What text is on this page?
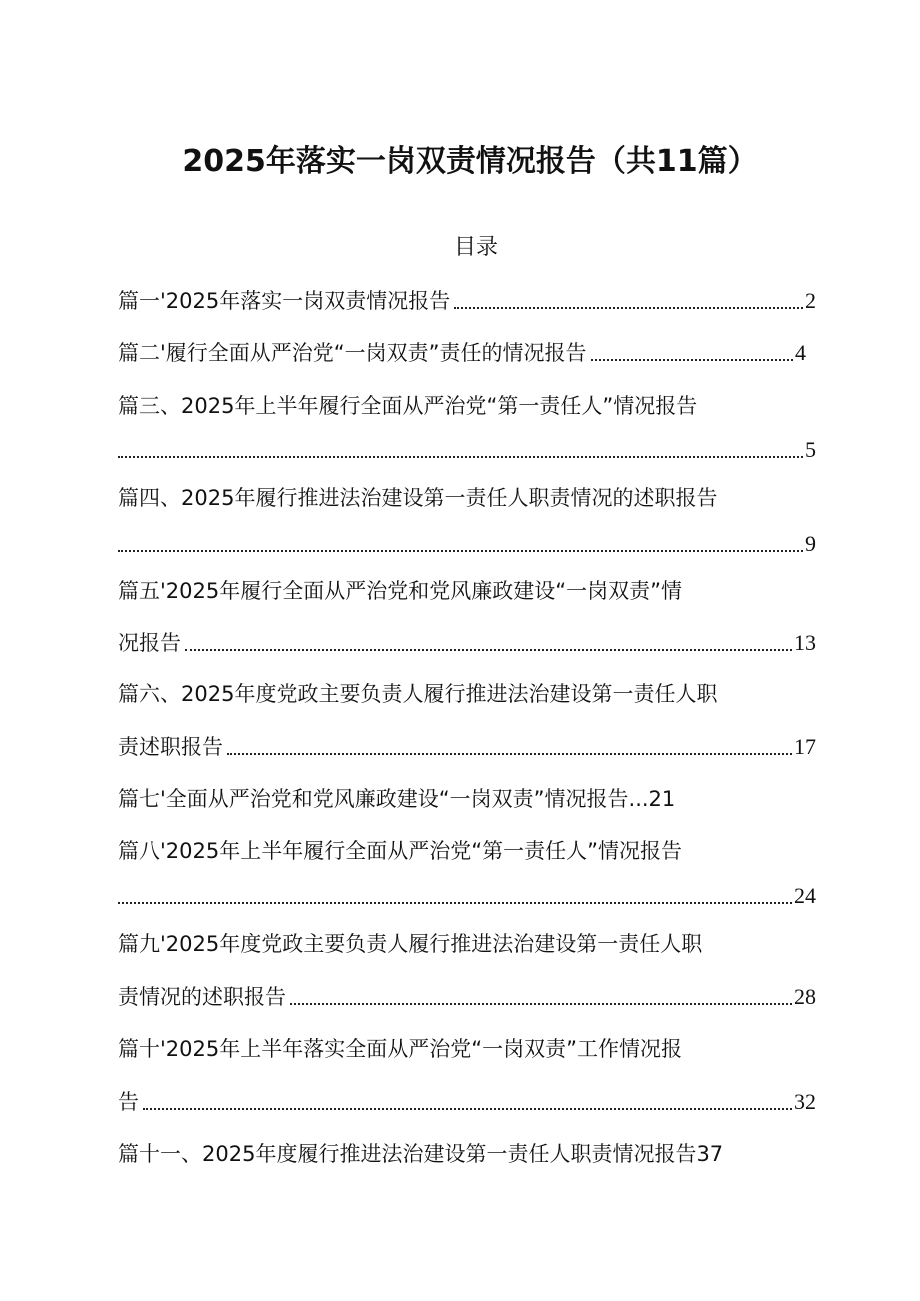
2025年落实一岗双责情况报告（共11篇）
目录
篇一'2025年落实一岗双责情况报告	2
篇二'履行全面从严治党“一岗双责”责任的情况报告	4
篇三、2025年上半年履行全面从严治党“第一责任人”情况报告
5
篇四、2025年履行推进法治建设第一责任人职责情况的述职报告
9
篇五'2025年履行全面从严治党和党风廉政建设“一岗双责”情
况报告	13
篇六、2025年度党政主要负责人履行推进法治建设第一责任人职
责述职报告	17
篇七'全面从严治党和党风廉政建设“一岗双责”情况报告...21
篇八'2025年上半年履行全面从严治党“第一责任人”情况报告
24
篇九'2025年度党政主要负责人履行推进法治建设第一责任人职
责情况的述职报告	28
篇十'2025年上半年落实全面从严治党“一岗双责”工作情况报
告	32
篇十一、2025年度履行推进法治建设第一责任人职责情况报告37
